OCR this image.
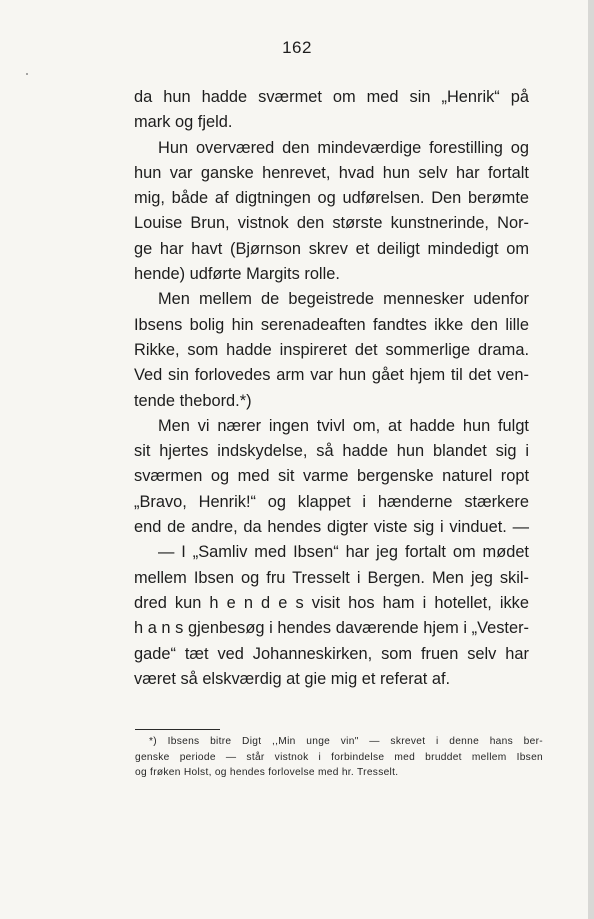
162
da hun hadde sværmet om med sin „Henrik“ på
mark og fjeld.
Hun overværed den mindeværdige forestilling og
hun var ganske henrevet, hvad hun selv har fortalt
mig, både af digtningen og udførelsen. Den berømte
Louise Brun, vistnok den største kunstnerinde, Nor-
ge har havt (Bjørnson skrev et deiligt mindedigt om
hende) udførte Margits rolle.
Men mellem de begeistrede mennesker udenfor
Ibsens bolig hin serenadeaften fandtes ikke den lille
Rikke, som hadde inspireret det sommerlige drama.
Ved sin forlovedes arm var hun gået hjem til det ven-
tende thebord.*)
Men vi nærer ingen tvivl om, at hadde hun fulgt
sit hjertes indskydelse, så hadde hun blandet sig i
sværmen og med sit varme bergenske naturel ropt
„Bravo, Henrik!“ og klappet i hænderne stærkere
end de andre, da hendes digter viste sig i vinduet. —
— I „Samliv med Ibsen“ har jeg fortalt om mødet
mellem Ibsen og fru Tresselt i Bergen. Men jeg skil-
dred kun h e n d e s visit hos ham i hotellet, ikke
h a n s gjenbesøg i hendes daværende hjem i „Vester-
gade“ tæt ved Johanneskirken, som fruen selv har
været så elskværdig at gie mig et referat af.
*) Ibsens bitre Digt ,,Min unge vin" — skrevet i denne hans ber-
genske periode — står vistnok i forbindelse med bruddet mellem Ibsen
og frøken Holst, og hendes forlovelse med hr. Tresselt.
